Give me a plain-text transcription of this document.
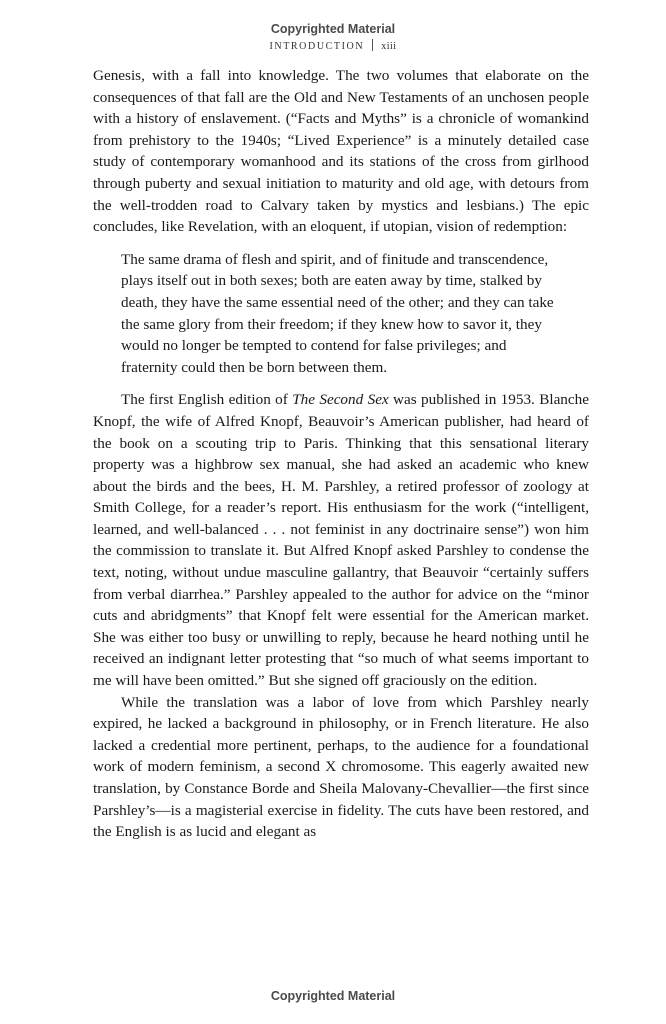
Copyrighted Material
INTRODUCTION xiii

Genesis, with a fall into knowledge. The two volumes that elaborate on the consequences of that fall are the Old and New Testaments of an unchosen people with a history of enslavement. (“Facts and Myths” is a chronicle of womankind from prehistory to the 1940s; “Lived Experience” is a minutely detailed case study of contemporary womanhood and its stations of the cross from girlhood through puberty and sexual initiation to maturity and old age, with detours from the well-trodden road to Calvary taken by mystics and lesbians.) The epic concludes, like Revelation, with an eloquent, if utopian, vision of redemption:

The same drama of flesh and spirit, and of finitude and transcendence, plays itself out in both sexes; both are eaten away by time, stalked by death, they have the same essential need of the other; and they can take the same glory from their freedom; if they knew how to savor it, they would no longer be tempted to contend for false privileges; and fraternity could then be born between them.

The first English edition of The Second Sex was published in 1953. Blanche Knopf, the wife of Alfred Knopf, Beauvoir’s American publisher, had heard of the book on a scouting trip to Paris. Thinking that this sensational literary property was a highbrow sex manual, she had asked an academic who knew about the birds and the bees, H. M. Parshley, a retired professor of zoology at Smith College, for a reader’s report. His enthusiasm for the work (“intelligent, learned, and well-balanced . . . not feminist in any doctrinaire sense”) won him the commission to translate it. But Alfred Knopf asked Parshley to condense the text, noting, without undue masculine gallantry, that Beauvoir “certainly suffers from verbal diarrhea.” Parshley appealed to the author for advice on the “minor cuts and abridgments” that Knopf felt were essential for the American market. She was either too busy or unwilling to reply, because he heard nothing until he received an indignant letter protesting that “so much of what seems important to me will have been omitted.” But she signed off graciously on the edition.

While the translation was a labor of love from which Parshley nearly expired, he lacked a background in philosophy, or in French literature. He also lacked a credential more pertinent, perhaps, to the audience for a foundational work of modern feminism, a second X chromosome. This eagerly awaited new translation, by Constance Borde and Sheila Malovany-Chevallier—the first since Parshley’s—is a magisterial exercise in fidelity. The cuts have been restored, and the English is as lucid and elegant as

Copyrighted Material
